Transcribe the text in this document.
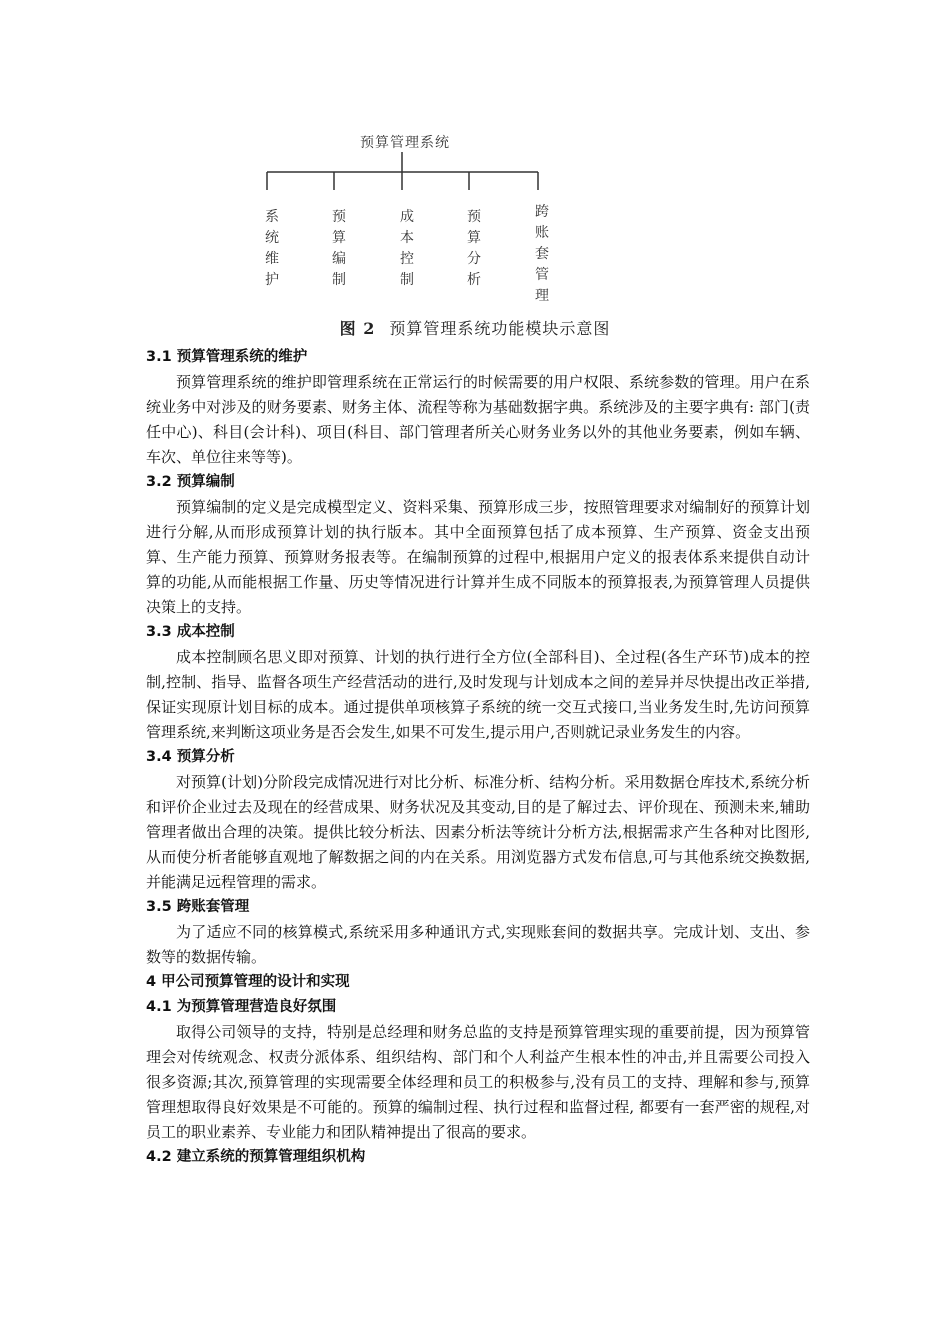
预算管理系统
系
统
维
护
预
算
编
制
成
本
控
制
预
算
分
析
跨
账
套
管
理
图 2 预算管理系统功能模块示意图
3.1 预算管理系统的维护
预算管理系统的维护即管理系统在正常运行的时候需要的用户权限、系统参数的管理。用户在系统业务中对涉及的财务要素、财务主体、流程等称为基础数据字典。系统涉及的主要字典有: 部门(责任中心)、科目(会计科)、项目(科目、部门管理者所关心财务业务以外的其他业务要素，例如车辆、车次、单位往来等等)。
3.2 预算编制
预算编制的定义是完成模型定义、资料采集、预算形成三步，按照管理要求对编制好的预算计划进行分解,从而形成预算计划的执行版本。其中全面预算包括了成本预算、生产预算、资金支出预算、生产能力预算、预算财务报表等。在编制预算的过程中,根据用户定义的报表体系来提供自动计算的功能,从而能根据工作量、历史等情况进行计算并生成不同版本的预算报表,为预算管理人员提供决策上的支持。
3.3 成本控制
成本控制顾名思义即对预算、计划的执行进行全方位(全部科目)、全过程(各生产环节)成本的控制,控制、指导、监督各项生产经营活动的进行,及时发现与计划成本之间的差异并尽快提出改正举措,保证实现原计划目标的成本。通过提供单项核算子系统的统一交互式接口,当业务发生时,先访问预算管理系统,来判断这项业务是否会发生,如果不可发生,提示用户,否则就记录业务发生的内容。
3.4 预算分析
对预算(计划)分阶段完成情况进行对比分析、标准分析、结构分析。采用数据仓库技术,系统分析和评价企业过去及现在的经营成果、财务状况及其变动,目的是了解过去、评价现在、预测未来,辅助管理者做出合理的决策。提供比较分析法、因素分析法等统计分析方法,根据需求产生各种对比图形,从而使分析者能够直观地了解数据之间的内在关系。用浏览器方式发布信息,可与其他系统交换数据,并能满足远程管理的需求。
3.5 跨账套管理
为了适应不同的核算模式,系统采用多种通讯方式,实现账套间的数据共享。完成计划、支出、参数等的数据传输。
4 甲公司预算管理的设计和实现
4.1 为预算管理营造良好氛围
取得公司领导的支持，特别是总经理和财务总监的支持是预算管理实现的重要前提，因为预算管理会对传统观念、权责分派体系、组织结构、部门和个人利益产生根本性的冲击,并且需要公司投入很多资源;其次,预算管理的实现需要全体经理和员工的积极参与,没有员工的支持、理解和参与,预算管理想取得良好效果是不可能的。预算的编制过程、执行过程和监督过程, 都要有一套严密的规程,对员工的职业素养、专业能力和团队精神提出了很高的要求。
4.2 建立系统的预算管理组织机构
